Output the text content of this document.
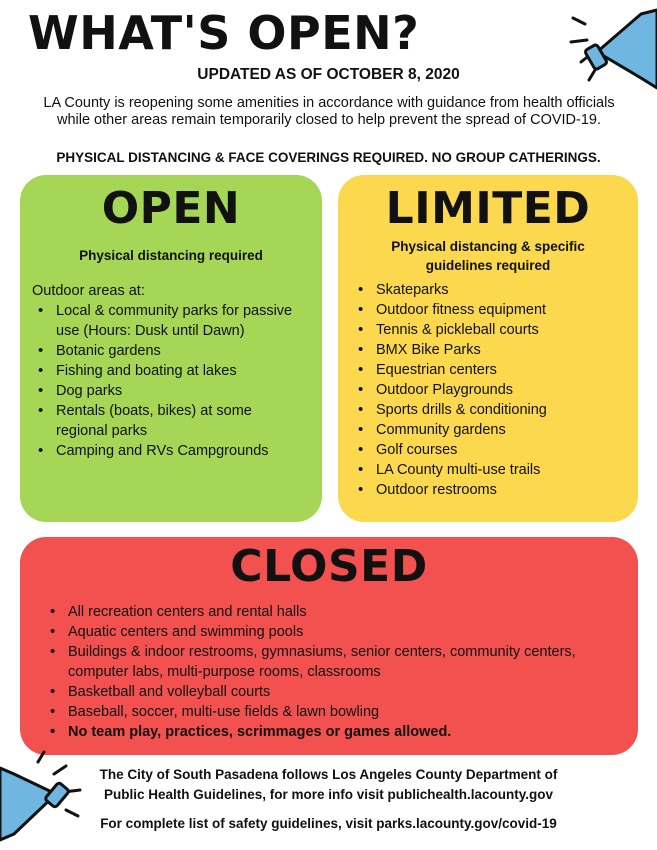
WHAT'S OPEN?
UPDATED AS OF OCTOBER 8, 2020
LA County is reopening some amenities in accordance with guidance from health officials while other areas remain temporarily closed to help prevent the spread of COVID-19.
PHYSICAL DISTANCING & FACE COVERINGS REQUIRED. NO GROUP CATHERINGS.
OPEN
Physical distancing required
Outdoor areas at:
• Local & community parks for passive use (Hours: Dusk until Dawn)
• Botanic gardens
• Fishing and boating at lakes
• Dog parks
• Rentals (boats, bikes) at some regional parks
• Camping and RVs Campgrounds
LIMITED
Physical distancing & specific guidelines required
• Skateparks
• Outdoor fitness equipment
• Tennis & pickleball courts
• BMX Bike Parks
• Equestrian centers
• Outdoor Playgrounds
• Sports drills & conditioning
• Community gardens
• Golf courses
• LA County multi-use trails
• Outdoor restrooms
CLOSED
• All recreation centers and rental halls
• Aquatic centers and swimming pools
• Buildings & indoor restrooms, gymnasiums, senior centers, community centers, computer labs, multi-purpose rooms, classrooms
• Basketball and volleyball courts
• Baseball, soccer, multi-use fields & lawn bowling
• No team play, practices, scrimmages or games allowed.
The City of South Pasadena follows Los Angeles County Department of
Public Health Guidelines, for more info visit publichealth.lacounty.gov
For complete list of safety guidelines, visit parks.lacounty.gov/covid-19
